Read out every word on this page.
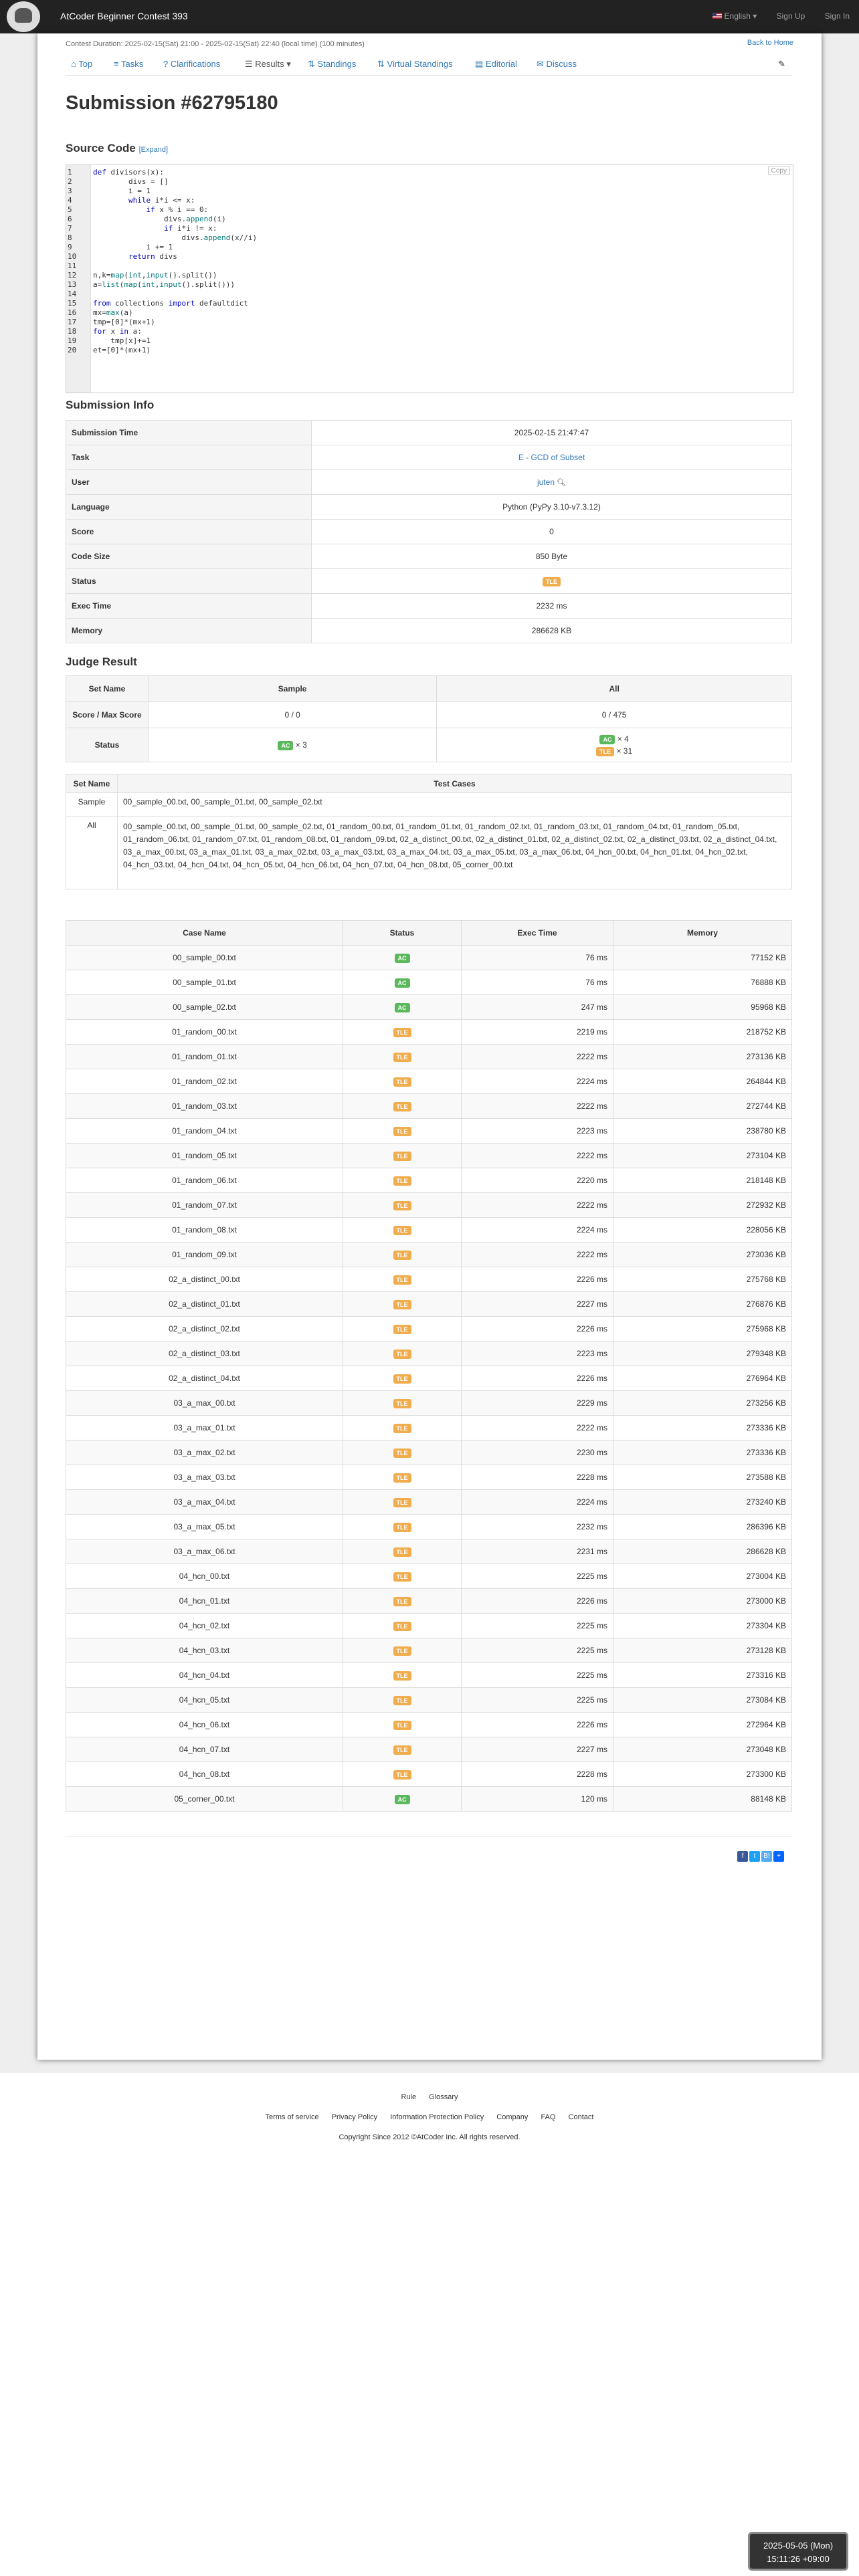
AtCoder Beginner Contest 393	English ▾ Sign Up Sign In
Contest Duration: 2025-02-15(Sat) 21:00 - 2025-02-15(Sat) 22:40 (local time) (100 minutes)	Back to Home
⌂ Top ≡ Tasks ? Clarifications	☰ Results ▾ ⇅ Standings ⇅ Virtual Standings	▤ Editorial ✉ Discuss	✎
Submission #62795180
Source Code [Expand]
Copy
1	def divisors(x):
2	divs = []
3	i = 1
4	while i*i <= x:
5	if x % i == 0:
6	divs.append(i)
7	if i*i != x:
8	divs.append(x//i)
9	i += 1
10	return divs
11
12	n,k=map(int,input().split())
13	a=list(map(int,input().split()))
14
15	from collections import defaultdict
16	mx=max(a)
17	tmp=[0]*(mx+1)
18	for x in a:
19	tmp[x]+=1
20	et=[0]*(mx+1)
Submission Info
Submission Time	2025-02-15 21:47:47
Task	E - GCD of Subset
User	juten 🔍︎
Language	Python (PyPy 3.10-v7.3.12)
Score	0
Code Size	850 Byte
Status	TLE
Exec Time	2232 ms
Memory	286628 KB
Judge Result
Set Name	Sample	All
Score / Max Score	0 / 0	0 / 475
Status	AC × 3	AC × 4
TLE × 31
Set Name	Test Cases
Sample	00_sample_00.txt, 00_sample_01.txt, 00_sample_02.txt
All	00_sample_00.txt, 00_sample_01.txt, 00_sample_02.txt, 01_random_00.txt, 01_random_01.txt, 01_random_02.txt, 01_random_03.txt, 01_random_04.txt, 01_random_05.txt, 01_random_06.txt, 01_random_07.txt, 01_random_08.txt, 01_random_09.txt, 02_a_distinct_00.txt, 02_a_distinct_01.txt, 02_a_distinct_02.txt, 02_a_distinct_03.txt, 02_a_distinct_04.txt, 03_a_max_00.txt, 03_a_max_01.txt, 03_a_max_02.txt, 03_a_max_03.txt, 03_a_max_04.txt, 03_a_max_05.txt, 03_a_max_06.txt, 04_hcn_00.txt, 04_hcn_01.txt, 04_hcn_02.txt, 04_hcn_03.txt, 04_hcn_04.txt, 04_hcn_05.txt, 04_hcn_06.txt, 04_hcn_07.txt, 04_hcn_08.txt, 05_corner_00.txt
Case Name	Status	Exec Time	Memory
00_sample_00.txt	AC	76 ms	77152 KB
00_sample_01.txt	AC	76 ms	76888 KB
00_sample_02.txt	AC	247 ms	95968 KB
01_random_00.txt	TLE	2219 ms	218752 KB
01_random_01.txt	TLE	2222 ms	273136 KB
01_random_02.txt	TLE	2224 ms	264844 KB
01_random_03.txt	TLE	2222 ms	272744 KB
01_random_04.txt	TLE	2223 ms	238780 KB
01_random_05.txt	TLE	2222 ms	273104 KB
01_random_06.txt	TLE	2220 ms	218148 KB
01_random_07.txt	TLE	2222 ms	272932 KB
01_random_08.txt	TLE	2224 ms	228056 KB
01_random_09.txt	TLE	2222 ms	273036 KB
02_a_distinct_00.txt	TLE	2226 ms	275768 KB
02_a_distinct_01.txt	TLE	2227 ms	276876 KB
02_a_distinct_02.txt	TLE	2226 ms	275968 KB
02_a_distinct_03.txt	TLE	2223 ms	279348 KB
02_a_distinct_04.txt	TLE	2226 ms	276964 KB
03_a_max_00.txt	TLE	2229 ms	273256 KB
03_a_max_01.txt	TLE	2222 ms	273336 KB
03_a_max_02.txt	TLE	2230 ms	273336 KB
03_a_max_03.txt	TLE	2228 ms	273588 KB
03_a_max_04.txt	TLE	2224 ms	273240 KB
03_a_max_05.txt	TLE	2232 ms	286396 KB
03_a_max_06.txt	TLE	2231 ms	286628 KB
04_hcn_00.txt	TLE	2225 ms	273004 KB
04_hcn_01.txt	TLE	2226 ms	273000 KB
04_hcn_02.txt	TLE	2225 ms	273304 KB
04_hcn_03.txt	TLE	2225 ms	273128 KB
04_hcn_04.txt	TLE	2225 ms	273316 KB
04_hcn_05.txt	TLE	2225 ms	273084 KB
04_hcn_06.txt	TLE	2226 ms	272964 KB
04_hcn_07.txt	TLE	2227 ms	273048 KB
04_hcn_08.txt	TLE	2228 ms	273300 KB
05_corner_00.txt	AC	120 ms	88148 KB
f t B! +
Rule Glossary
Terms of service Privacy Policy Information Protection Policy Company FAQ Contact
Copyright Since 2012 ©AtCoder Inc. All rights reserved.
2025-05-05 (Mon)
15:11:26 +09:00
